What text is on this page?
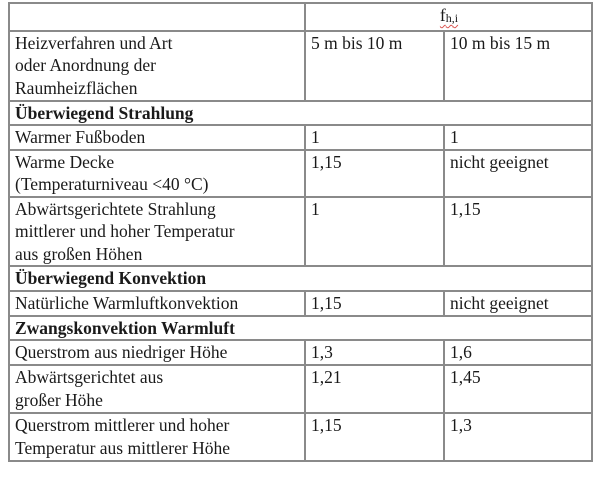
	$f_{h,i}$

Heizverfahren und Art
oder Anordnung der
Raumheizflächen	5 m bis 10 m	10 m bis 15 m
Überwiegend Strahlung		

Warmer Fußboden	1	1

Warme Decke
(Temperaturniveau <40 °C)	1,15	nicht geeignet

Abwärtsgerichtete Strahlung
mittlerer und hoher Temperatur
aus großen Höhen	1	1,15
Überwiegend Konvektion		

Natürliche Warmluftkonvektion	1,15	nicht geeignet
Zwangskonvektion Warmluft		

Querstrom aus niedriger Höhe	1,3	1,6

Abwärtsgerichtet aus
großer Höhe	1,21	1,45

Querstrom mittlerer und hoher
Temperatur aus mittlerer Höhe	1,15	1,3
